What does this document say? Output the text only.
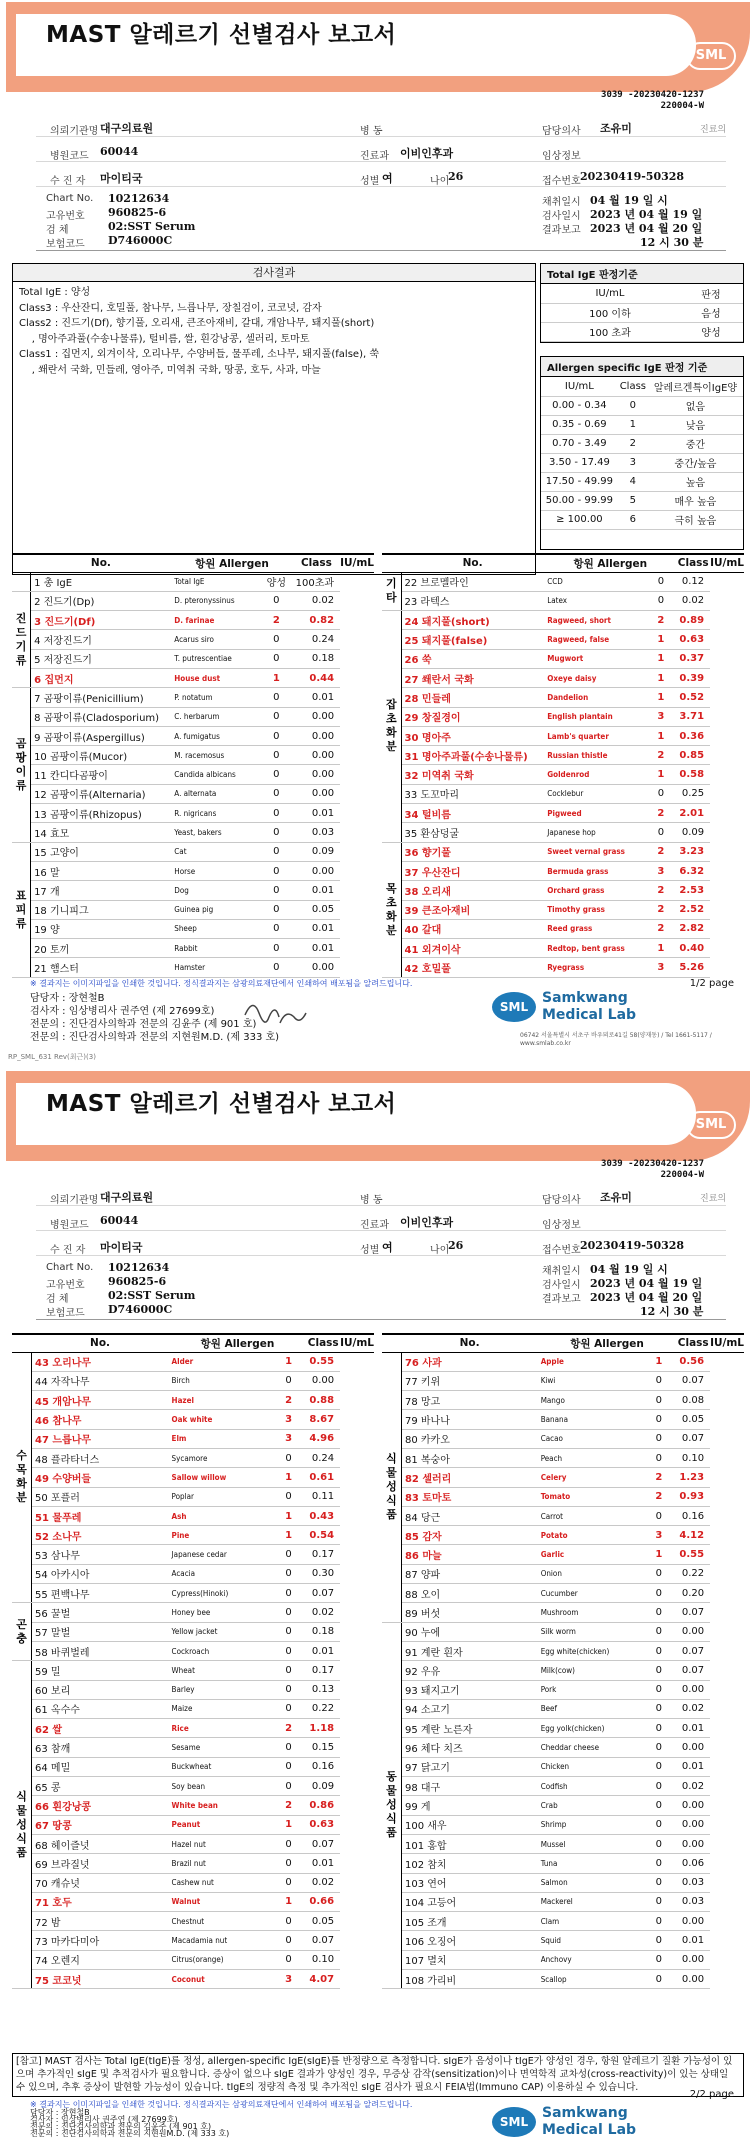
MAST 알레르기 선별검사 보고서
SML
3039 -20230420-1237
220004-W
검사결과
Total IgE : 양성
Class3 : 우산잔디, 호밀풀, 참나무, 느릅나무, 장칠검이, 코코넛, 감자
Class2 : 진드기(Df), 향기풀, 오리새, 큰조아재비, 갈대, 개암나무, 돼지풀(short)
, 명아주과풀(수송나물류), 털비름, 쌀, 흰강낭콩, 셀러리, 토마토
Class1 : 집먼지, 외겨이삭, 오리나무, 수양버들, 물푸레, 소나무, 돼지풀(false), 쑥
, 쐐란서 국화, 민들레, 영아주, 미역취 국화, 땅콩, 호두, 사과, 마늘
Total IgE 판정기준
IU/mL	판정
100 이하	음성
100 초과	양성
Allergen specific IgE 판정 기준
IU/mL	Class	알레르겐특이IgE양
0.00 - 0.34	0	없음
0.35 - 0.69	1	낮음
0.70 - 3.49	2	중간
3.50 - 17.49	3	중간/높음
17.50 - 49.99	4	높음
50.00 - 99.99	5	매우 높음
≥ 100.00	6	극히 높음
	No.	항원 Allergen		Class	IU/mL
	1 총 IgE	Total IgE	양성	100초과	
진
드
기
류	2 진드기(Dp)	D. pteronyssinus	0	0.02	
	3 진드기(Df)	D. farinae	2	0.82	
	4 저장진드기	Acarus siro	0	0.24	
	5 저장진드기	T. putrescentiae	0	0.18	
	6 집먼지	House dust	1	0.44	
곰
팡
이
류	7 곰팡이류(Penicillium)	P. notatum	0	0.01	
	8 곰팡이류(Cladosporium)	C. herbarum	0	0.00	
	9 곰팡이류(Aspergillus)	A. fumigatus	0	0.00	
	10 곰팡이류(Mucor)	M. racemosus	0	0.00	
	11 칸디다곰팡이	Candida albicans	0	0.00	
	12 곰팡이류(Alternaria)	A. alternata	0	0.00	
	13 곰팡이류(Rhizopus)	R. nigricans	0	0.01	
	14 효모	Yeast, bakers	0	0.03	
표
피
류	15 고양이	Cat	0	0.09	
	16 말	Horse	0	0.00	
	17 개	Dog	0	0.01	
	18 기니피그	Guinea pig	0	0.05	
	19 양	Sheep	0	0.01	
	20 토끼	Rabbit	0	0.01	
	21 햄스터	Hamster	0	0.00	
	No.	항원 Allergen		Class	IU/mL
기
타	22 브로멜라인	CCD	0	0.12	
	23 라텍스	Latex	0	0.02	
잡
초
화
분	24 돼지풀(short)	Ragweed, short	2	0.89	
	25 돼지풀(false)	Ragweed, false	1	0.63	
	26 쑥	Mugwort	1	0.37	
	27 쐐란서 국화	Oxeye daisy	1	0.39	
	28 민들레	Dandelion	1	0.52	
	29 창질경이	English plantain	3	3.71	
	30 명아주	Lamb's quarter	1	0.36	
	31 명아주과풀(수송나물류)	Russian thistle	2	0.85	
	32 미역취 국화	Goldenrod	1	0.58	
	33 도꼬마리	Cocklebur	0	0.25	
	34 털비름	Pigweed	2	2.01	
	35 환삼덩굴	Japanese hop	0	0.09	
목
초
화
분	36 향기풀	Sweet vernal grass	2	3.23	
	37 우산잔디	Bermuda grass	3	6.32	
	38 오리새	Orchard grass	2	2.53	
	39 큰조아재비	Timothy grass	2	2.52	
	40 갈대	Reed grass	2	2.82	
	41 외겨이삭	Redtop, bent grass	1	0.40	
	42 호밀풀	Ryegrass	3	5.26	
※ 결과지는 이미지파일을 인쇄한 것입니다. 정식결과지는 삼광의료재단에서 인쇄하여 배포됨을 알려드립니다.	1/2 page
담당자 : 장현철B
검사자 : 임상병리사 권주연 (제 27699호)
전문의 : 진단검사의학과 전문의 김윤주 (제 901 호)
전문의 : 진단검사의학과 전문의 지현원M.D. (제 333 호)
SML
Samkwang
Medical Lab
06742 서울특별시 서초구 바우뫼로41길 58(양재동) / Tel 1661-5117 / www.smlab.co.kr
RP_SML_631 Rev(최근)(3)
의뢰기관명 대구의료원	병 동	담당의사 조유미	진료의
병원코드 60044	진료과 이비인후과	임상정보
수 진 자 마이티국	성별 여	나이
26	접수번호 20230419-50328
Chart No. 10212634
고유번호 960825-6
검 체	02:SST Serum
보험코드 D746000C
채취일시 04 월 19 일 시
검사일시 2023 년 04 월 19 일
결과보고 2023 년 04 월 20 일
12 시 30 분
MAST 알레르기 선별검사 보고서
SML
3039 -20230420-1237
220004-W
	No.	항원 Allergen		Class	IU/mL
수
목
화
분	43 오리나무	Alder	1	0.55	
	44 자작나무	Birch	0	0.00	
	45 개암나무	Hazel	2	0.88	
	46 참나무	Oak white	3	8.67	
	47 느릅나무	Elm	3	4.96	
	48 플라타너스	Sycamore	0	0.24	
	49 수양버들	Sallow willow	1	0.61	
	50 포플러	Poplar	0	0.11	
	51 물푸레	Ash	1	0.43	
	52 소나무	Pine	1	0.54	
	53 삼나무	Japanese cedar	0	0.17	
	54 아카시아	Acacia	0	0.30	
	55 편백나무	Cypress(Hinoki)	0	0.07	
곤
충	56 꿀벌	Honey bee	0	0.02	
	57 말벌	Yellow jacket	0	0.18	
	58 바퀴벌레	Cockroach	0	0.01	
식
물
성
식
품	59 밀	Wheat	0	0.17	
	60 보리	Barley	0	0.13	
	61 옥수수	Maize	0	0.22	
	62 쌀	Rice	2	1.18	
	63 참깨	Sesame	0	0.15	
	64 메밀	Buckwheat	0	0.16	
	65 콩	Soy bean	0	0.09	
	66 흰강낭콩	White bean	2	0.86	
	67 땅콩	Peanut	1	0.63	
	68 헤이즐넛	Hazel nut	0	0.07	
	69 브라질넛	Brazil nut	0	0.01	
	70 캐슈넛	Cashew nut	0	0.02	
	71 호두	Walnut	1	0.66	
	72 밤	Chestnut	0	0.05	
	73 마카다미아	Macadamia nut	0	0.07	
	74 오렌지	Citrus(orange)	0	0.10	
	75 코코넛	Coconut	3	4.07	
	No.	항원 Allergen		Class	IU/mL
식
물
성
식
품	76 사과	Apple	1	0.56	
	77 키위	Kiwi	0	0.07	
	78 망고	Mango	0	0.08	
	79 바나나	Banana	0	0.05	
	80 카카오	Cacao	0	0.07	
	81 복숭아	Peach	0	0.10	
	82 셀러리	Celery	2	1.23	
	83 토마토	Tomato	2	0.93	
	84 당근	Carrot	0	0.16	
	85 감자	Potato	3	4.12	
	86 마늘	Garlic	1	0.55	
	87 양파	Onion	0	0.22	
	88 오이	Cucumber	0	0.20	
	89 버섯	Mushroom	0	0.07	
동
물
성
식
품	90 누에	Silk worm	0	0.00	
	91 계란 흰자	Egg white(chicken)	0	0.07	
	92 우유	Milk(cow)	0	0.07	
	93 돼지고기	Pork	0	0.00	
	94 소고기	Beef	0	0.02	
	95 계란 노른자	Egg yolk(chicken)	0	0.01	
	96 체다 치즈	Cheddar cheese	0	0.00	
	97 닭고기	Chicken	0	0.01	
	98 대구	Codfish	0	0.02	
	99 게	Crab	0	0.00	
	100 새우	Shrimp	0	0.00	
	101 홍합	Mussel	0	0.00	
	102 참치	Tuna	0	0.06	
	103 연어	Salmon	0	0.03	
	104 고등어	Mackerel	0	0.03	
	105 조개	Clam	0	0.00	
	106 오징어	Squid	0	0.01	
	107 멸치	Anchovy	0	0.00	
	108 가리비	Scallop	0	0.00	
[참고] MAST 검사는 Total IgE(tIgE)를 정성, allergen-specific IgE(sIgE)를 반정량으로 측정합니다. sIgE가 음성이나 tIgE가 양성인 경우, 항원 알레르기 질환 가능성이 있으며 추가적인 sIgE 및 추적검사가 필요합니다. 증상이 없으나 sIgE 결과가 양성인 경우, 무증상 감작(sensitization)이나 면역학적 교차성(cross-reactivity)이 있는 상태일 수 있으며, 추후 증상이 발현할 가능성이 있습니다. tIgE의 정량적 측정 및 추가적인 sIgE 검사가 필요시 FEIA법(Immuno CAP) 이용하실 수 있습니다.
※ 결과지는 이미지파일을 인쇄한 것입니다. 정식결과지는 삼광의료재단에서 인쇄하여 배포됨을 알려드립니다.
2/2 page
담당자 : 장현철B
검사자 : 임상병리사 권주연 (제 27699호)
전문의 : 진단검사의학과 전문의 김윤주 (제 901 호)
전문의 : 진단검사의학과 전문의 지현원M.D. (제 333 호)
SML
Samkwang
Medical Lab
의뢰기관명 대구의료원	병 동	담당의사 조유미	진료의
병원코드 60044	진료과 이비인후과	임상정보
수 진 자 마이티국	성별 여	나이
26	접수번호 20230419-50328
Chart No. 10212634
고유번호 960825-6
검 체	02:SST Serum
보험코드 D746000C
채취일시 04 월 19 일 시
검사일시 2023 년 04 월 19 일
결과보고 2023 년 04 월 20 일
12 시 30 분
